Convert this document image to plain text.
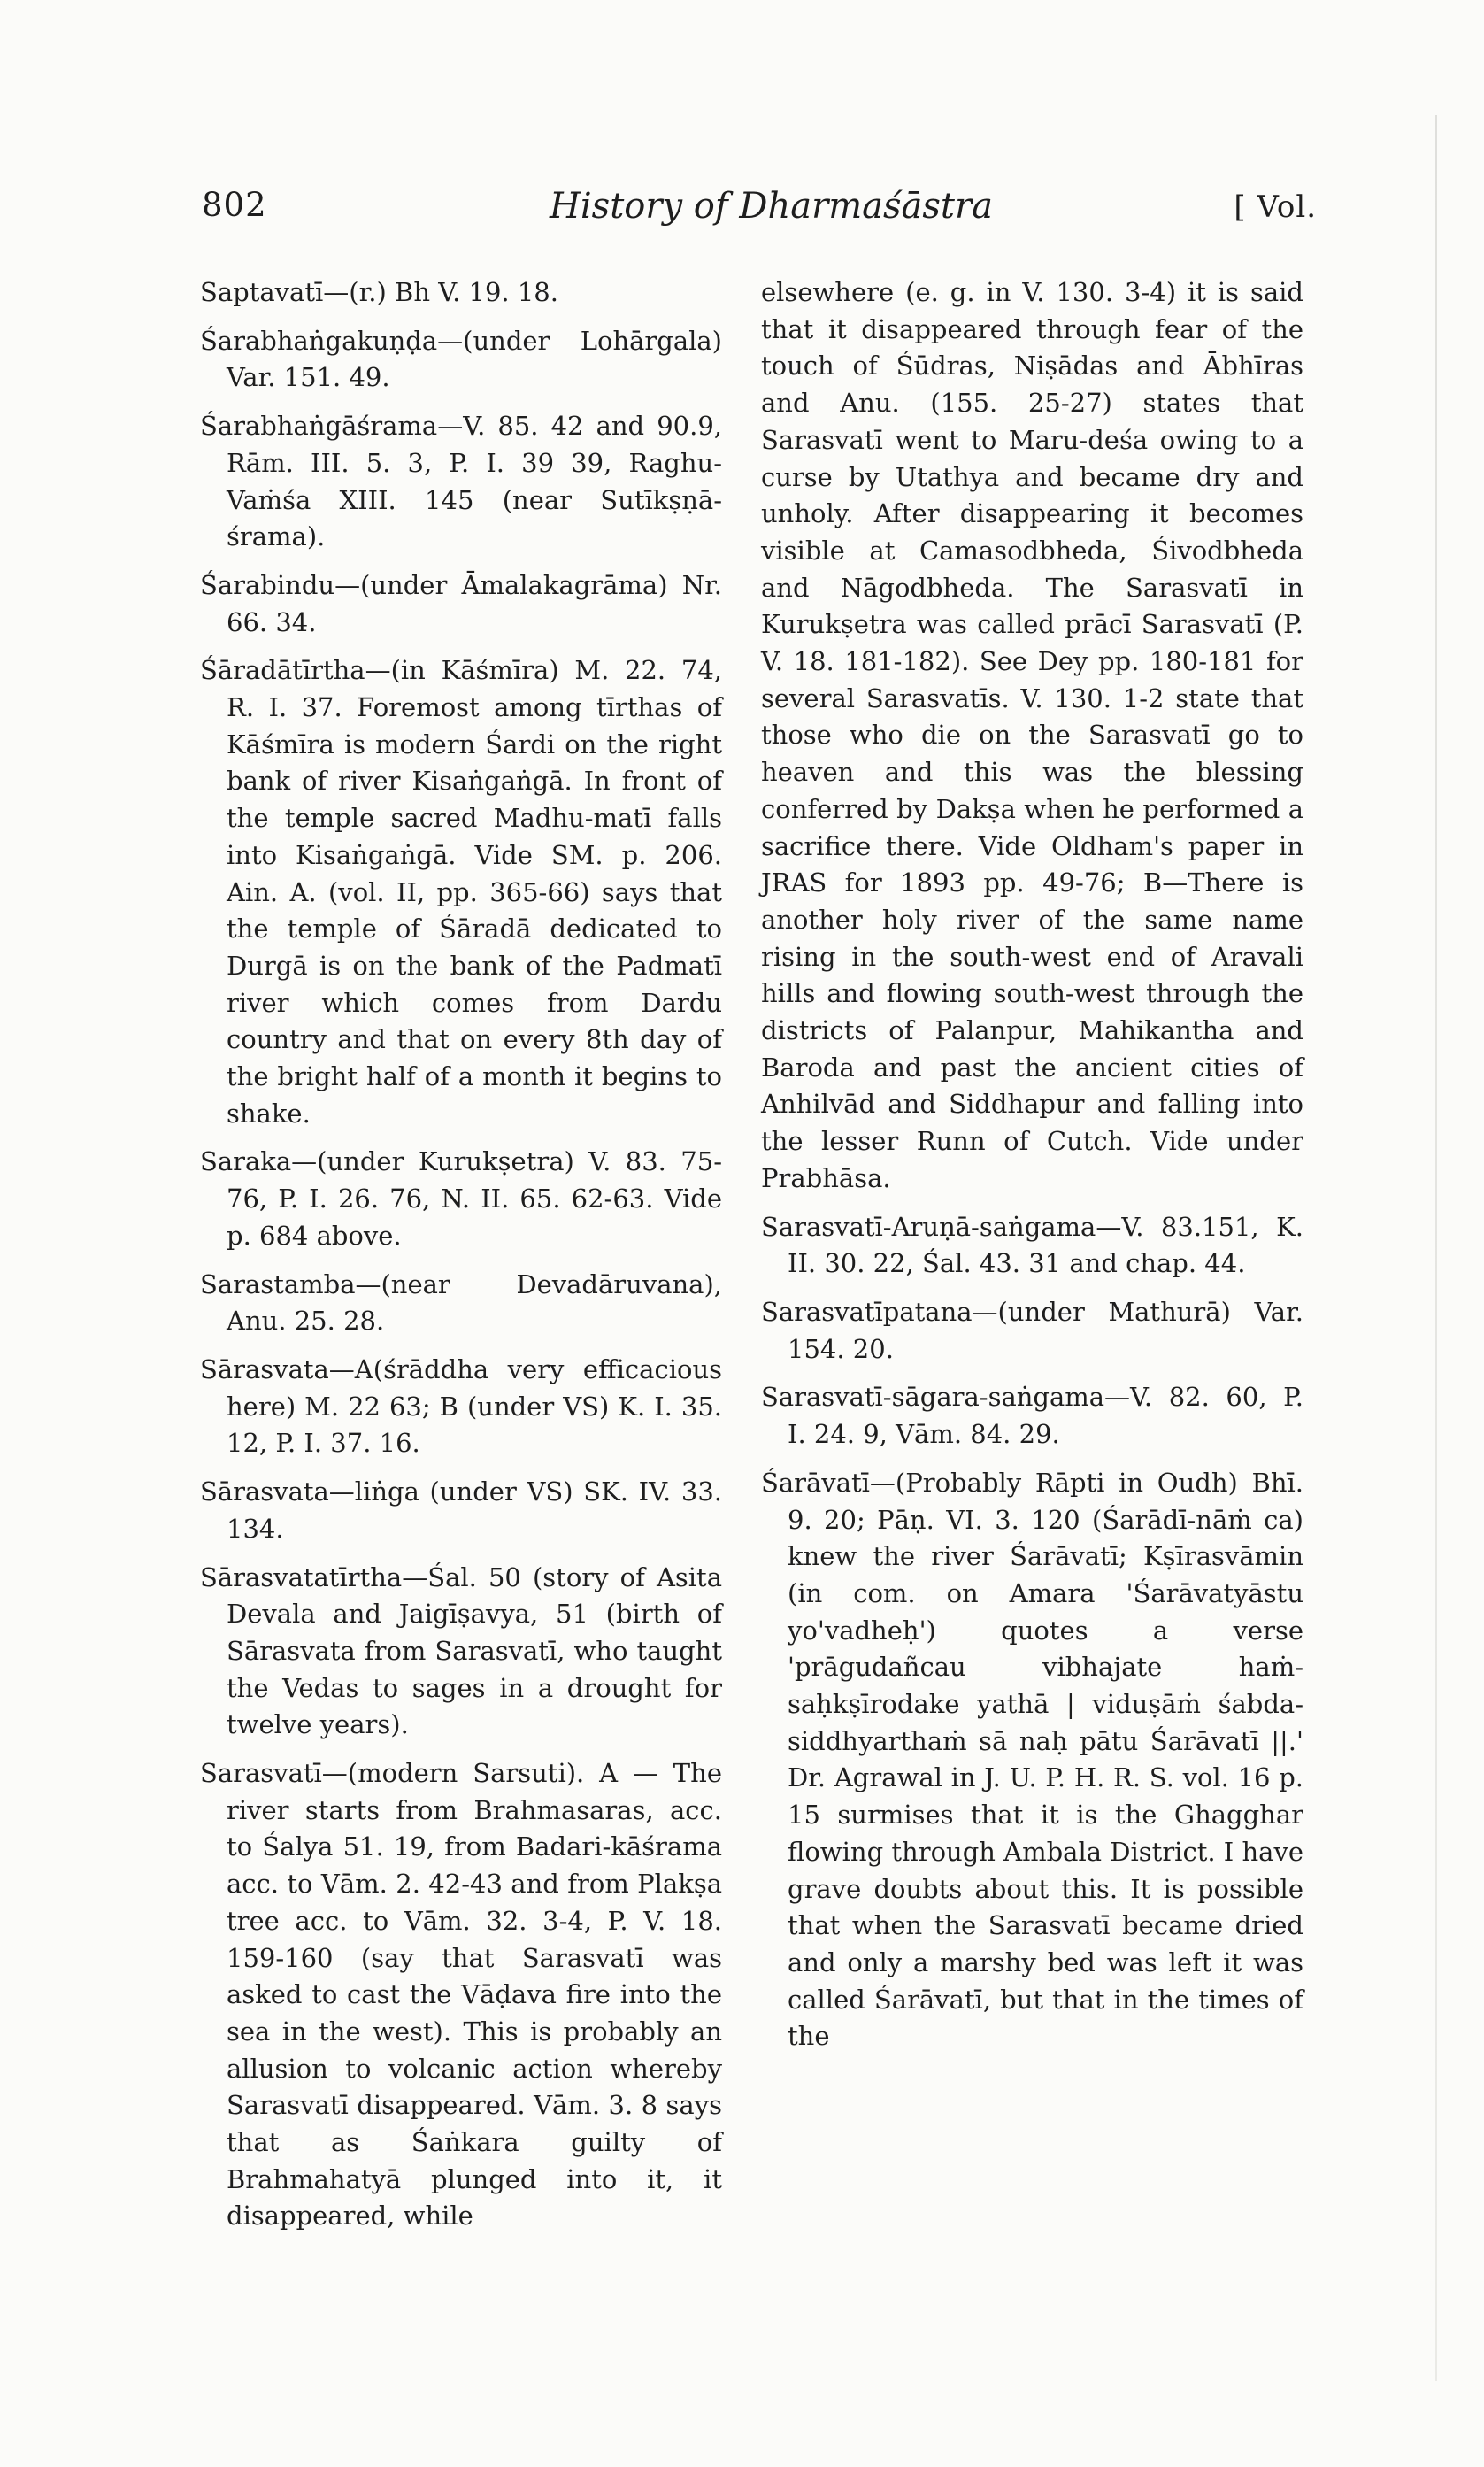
802	History of Dharmaśāstra	[ Vol.

Saptavatī—(r.) Bh V. 19. 18.

Śarabhaṅgakuṇḍa—(under Lohārgala) Var. 151. 49.

Śarabhaṅgāśrama—V. 85. 42 and 90.9, Rām. III. 5. 3, P. I. 39 39, Raghu-Vaṁśa XIII. 145 (near Sutīkṣṇā-śrama).

Śarabindu—(under Āmalakagrāma) Nr. 66. 34.

Śāradātīrtha—(in Kāśmīra) M. 22. 74, R. I. 37. Foremost among tīrthas of Kāśmīra is modern Śardi on the right bank of river Kisaṅgaṅgā. In front of the temple sacred Madhu-matī falls into Kisaṅgaṅgā. Vide SM. p. 206. Ain. A. (vol. II, pp. 365-66) says that the temple of Śāradā dedicated to Durgā is on the bank of the Padmatī river which comes from Dardu country and that on every 8th day of the bright half of a month it begins to shake.

Saraka—(under Kurukṣetra) V. 83. 75-76, P. I. 26. 76, N. II. 65. 62-63. Vide p. 684 above.

Sarastamba—(near Devadāruvana), Anu. 25. 28.

Sārasvata—A(śrāddha very efficacious here) M. 22 63; B (under VS) K. I. 35. 12, P. I. 37. 16.

Sārasvata—liṅga (under VS) SK. IV. 33. 134.

Sārasvatatīrtha—Śal. 50 (story of Asita Devala and Jaigīṣavya, 51 (birth of Sārasvata from Sarasvatī, who taught the Vedas to sages in a drought for twelve years).

Sarasvatī—(modern Sarsuti). A — The river starts from Brahmasaras, acc. to Śalya 51. 19, from Badari-kāśrama acc. to Vām. 2. 42-43 and from Plakṣa tree acc. to Vām. 32. 3-4, P. V. 18. 159-160 (say that Sarasvatī was asked to cast the Vāḍava fire into the sea in the west). This is probably an allusion to volcanic action whereby Sarasvatī disappeared. Vām. 3. 8 says that as Śaṅkara guilty of Brahmahatyā plunged into it, it disappeared, while

elsewhere (e. g. in V. 130. 3-4) it is said that it disappeared through fear of the touch of Śūdras, Niṣādas and Ābhīras and Anu. (155. 25-27) states that Sarasvatī went to Maru-deśa owing to a curse by Utathya and became dry and unholy. After disappearing it becomes visible at Camasodbheda, Śivodbheda and Nāgodbheda. The Sarasvatī in Kurukṣetra was called prācī Sarasvatī (P. V. 18. 181-182). See Dey pp. 180-181 for several Sarasvatīs. V. 130. 1-2 state that those who die on the Sarasvatī go to heaven and this was the blessing conferred by Dakṣa when he performed a sacrifice there. Vide Oldham's paper in JRAS for 1893 pp. 49-76; B—There is another holy river of the same name rising in the south-west end of Aravali hills and flowing south-west through the districts of Palanpur, Mahikantha and Baroda and past the ancient cities of Anhilvād and Siddhapur and falling into the lesser Runn of Cutch. Vide under Prabhāsa.

Sarasvatī-Aruṇā-saṅgama—V. 83.151, K. II. 30. 22, Śal. 43. 31 and chap. 44.

Sarasvatīpatana—(under Mathurā) Var. 154. 20.

Sarasvatī-sāgara-saṅgama—V. 82. 60, P. I. 24. 9, Vām. 84. 29.

Śarāvatī—(Probably Rāpti in Oudh) Bhī. 9. 20; Pāṇ. VI. 3. 120 (Śarādī-nāṁ ca) knew the river Śarāvatī; Kṣīrasvāmin (in com. on Amara 'Śarāvatyāstu yo'vadheḥ') quotes a verse 'prāgudañcau vibhajate haṁ-saḥkṣīrodake yathā | viduṣāṁ śabda-siddhyarthaṁ sā naḥ pātu Śarāvatī ||.' Dr. Agrawal in J. U. P. H. R. S. vol. 16 p. 15 surmises that it is the Ghagghar flowing through Ambala District. I have grave doubts about this. It is possible that when the Sarasvatī became dried and only a marshy bed was left it was called Śarāvatī, but that in the times of the
